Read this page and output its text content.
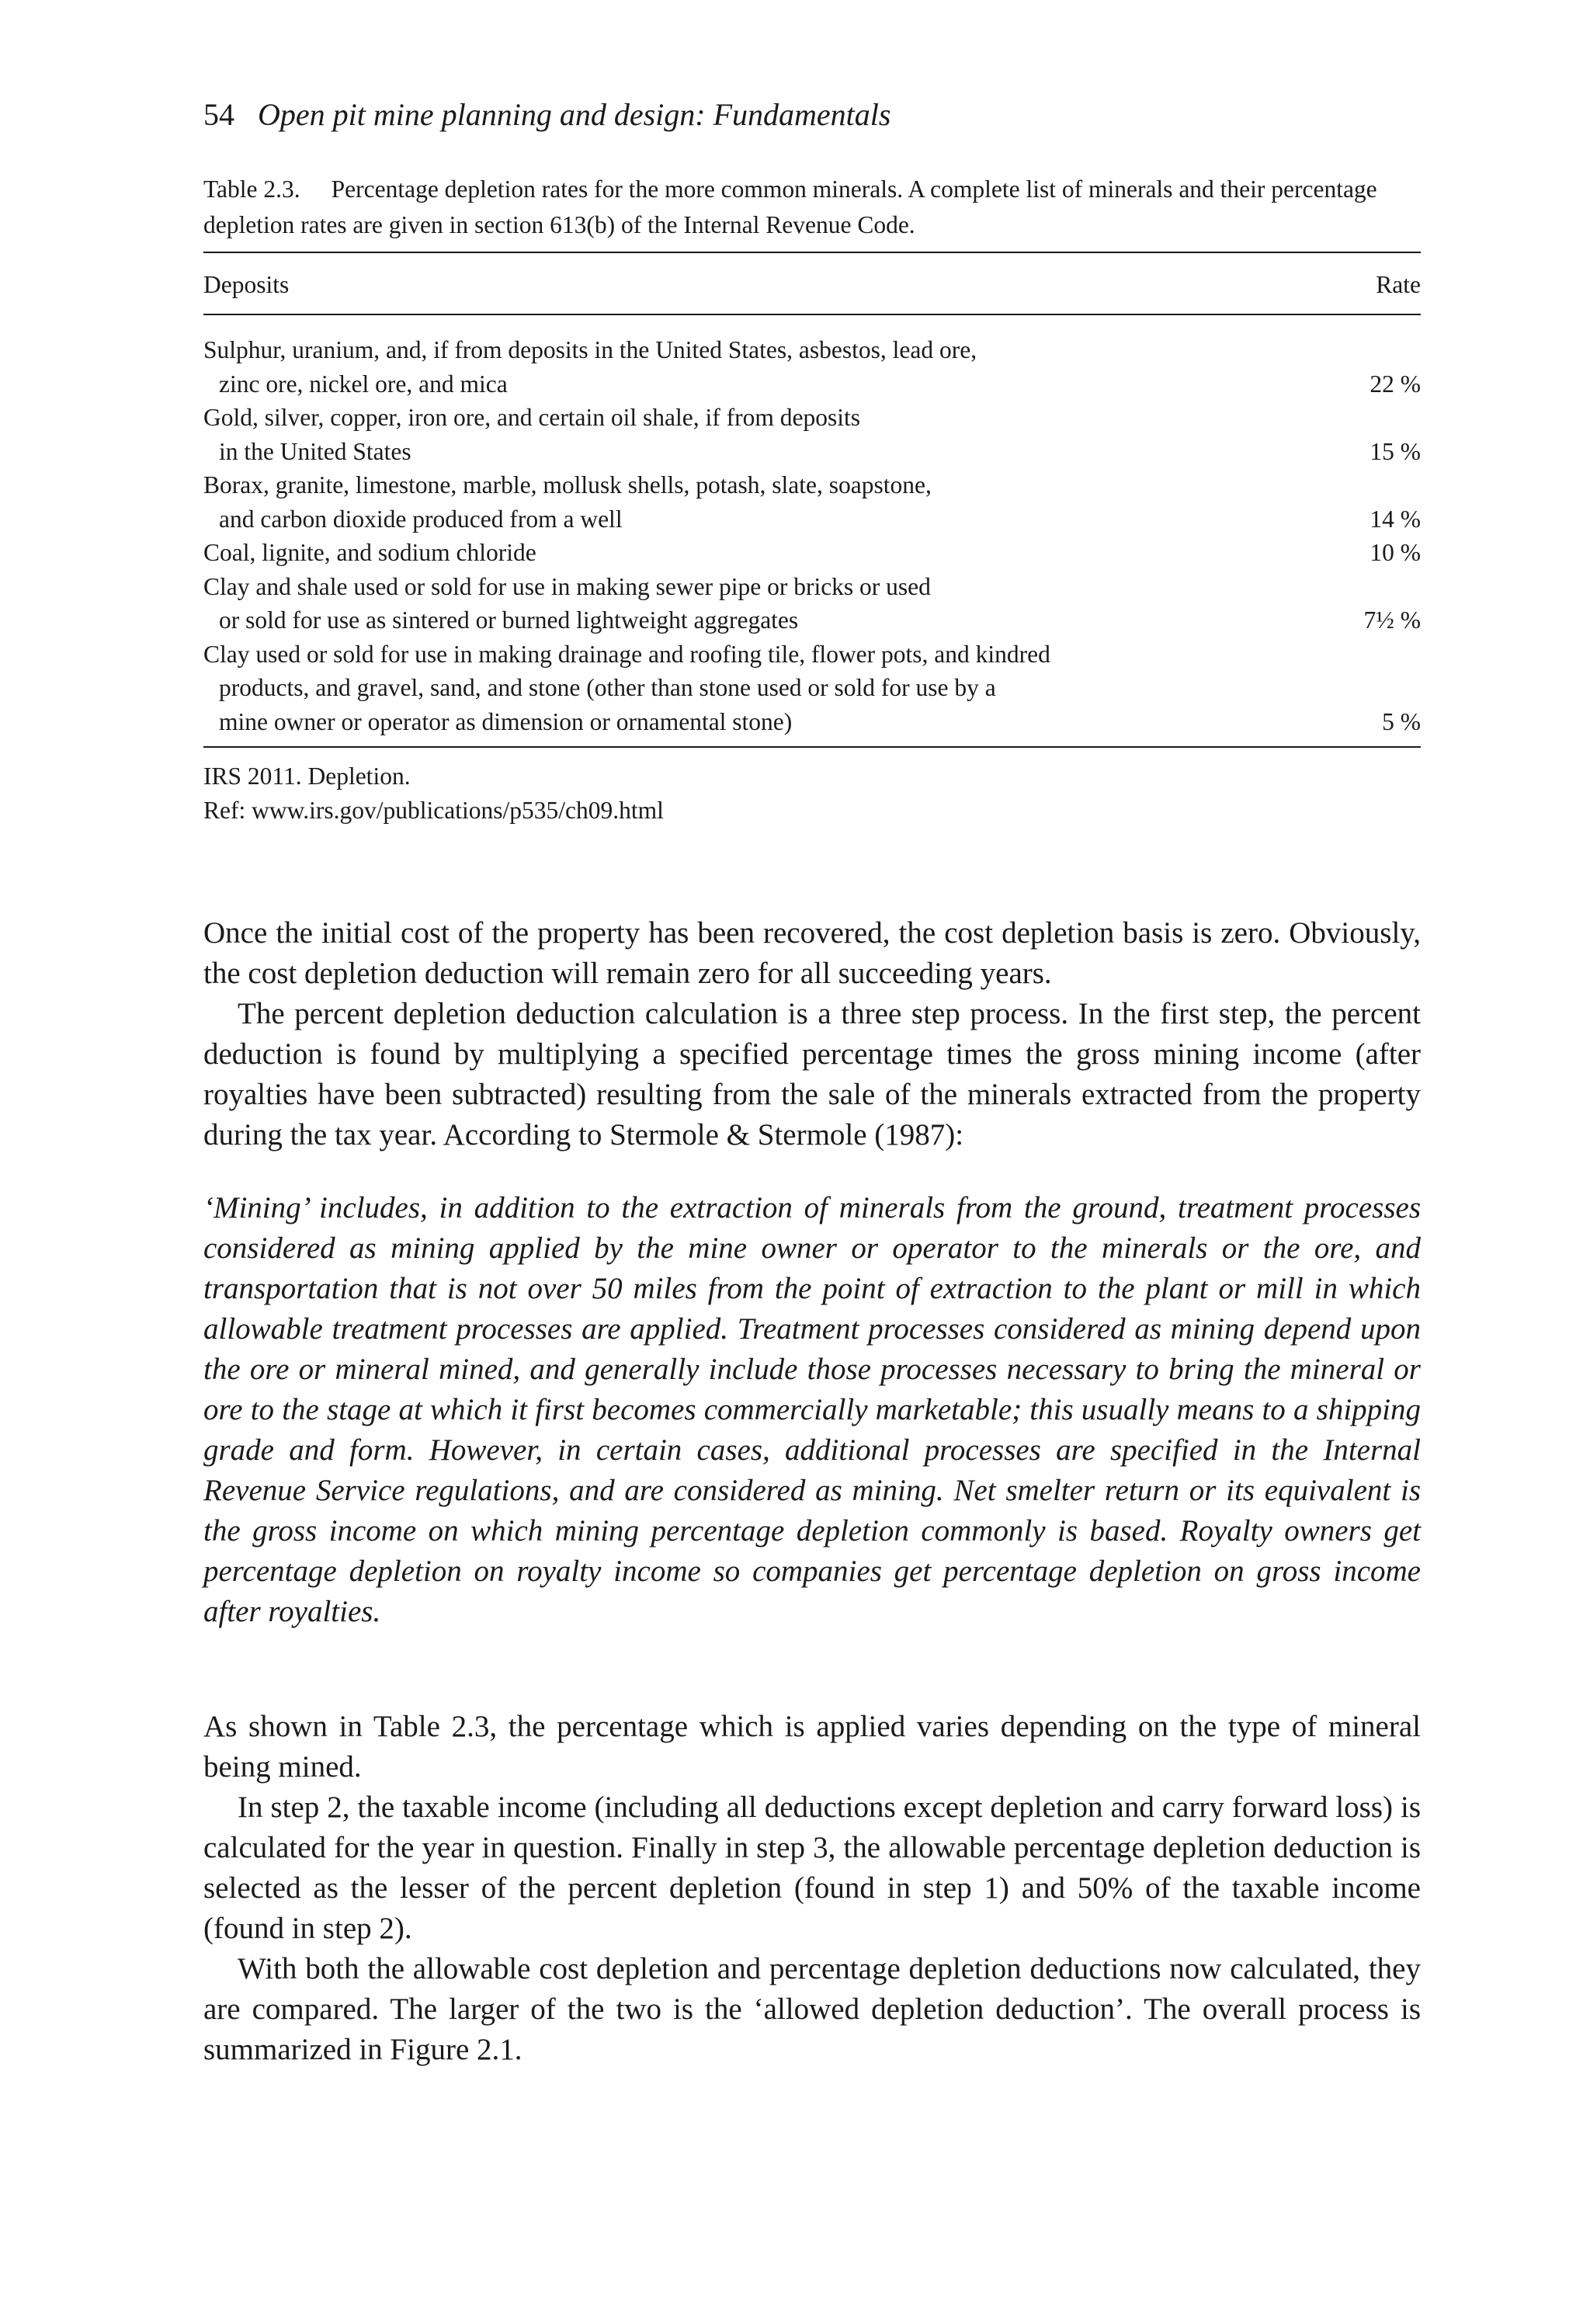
54 Open pit mine planning and design: Fundamentals
Table 2.3. Percentage depletion rates for the more common minerals. A complete list of minerals and their percentage depletion rates are given in section 613(b) of the Internal Revenue Code.
Deposits	Rate
Sulphur, uranium, and, if from deposits in the United States, asbestos, lead ore,
zinc ore, nickel ore, and mica	22 %
Gold, silver, copper, iron ore, and certain oil shale, if from deposits
in the United States	15 %
Borax, granite, limestone, marble, mollusk shells, potash, slate, soapstone,
and carbon dioxide produced from a well	14 %
Coal, lignite, and sodium chloride	10 %
Clay and shale used or sold for use in making sewer pipe or bricks or used
or sold for use as sintered or burned lightweight aggregates	7½ %
Clay used or sold for use in making drainage and roofing tile, flower pots, and kindred
products, and gravel, sand, and stone (other than stone used or sold for use by a
mine owner or operator as dimension or ornamental stone)	5 %
IRS 2011. Depletion.
Ref: www.irs.gov/publications/p535/ch09.html

Once the initial cost of the property has been recovered, the cost depletion basis is zero. Obviously, the cost depletion deduction will remain zero for all succeeding years.

The percent depletion deduction calculation is a three step process. In the first step, the percent deduction is found by multiplying a specified percentage times the gross mining income (after royalties have been subtracted) resulting from the sale of the minerals extracted from the property during the tax year. According to Stermole & Stermole (1987):

‘Mining’ includes, in addition to the extraction of minerals from the ground, treatment processes considered as mining applied by the mine owner or operator to the minerals or the ore, and transportation that is not over 50 miles from the point of extraction to the plant or mill in which allowable treatment processes are applied. Treatment processes considered as mining depend upon the ore or mineral mined, and generally include those processes necessary to bring the mineral or ore to the stage at which it first becomes commercially marketable; this usually means to a shipping grade and form. However, in certain cases, additional processes are specified in the Internal Revenue Service regulations, and are considered as mining. Net smelter return or its equivalent is the gross income on which mining percentage depletion commonly is based. Royalty owners get percentage depletion on royalty income so companies get percentage depletion on gross income after royalties.

As shown in Table 2.3, the percentage which is applied varies depending on the type of mineral being mined.

In step 2, the taxable income (including all deductions except depletion and carry forward loss) is calculated for the year in question. Finally in step 3, the allowable percentage depletion deduction is selected as the lesser of the percent depletion (found in step 1) and 50% of the taxable income (found in step 2).

With both the allowable cost depletion and percentage depletion deductions now calculated, they are compared. The larger of the two is the ‘allowed depletion deduction’. The overall process is summarized in Figure 2.1.
